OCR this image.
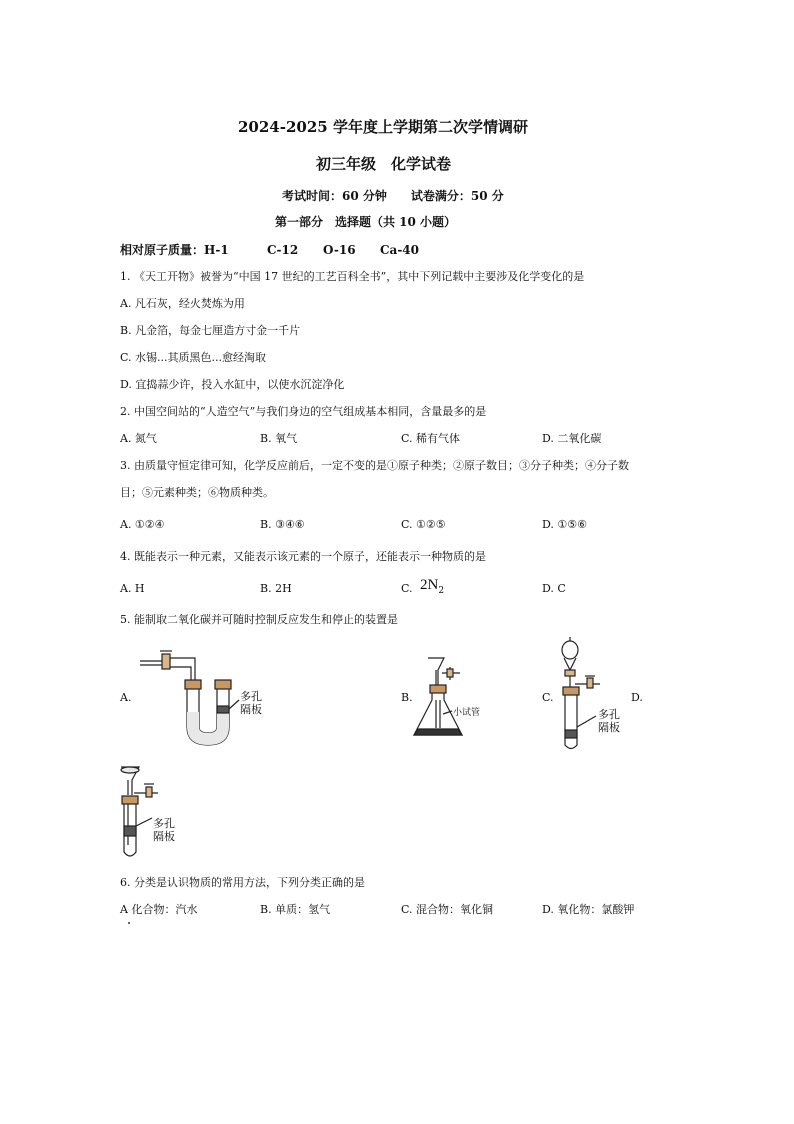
2024-2025 学年度上学期第二次学情调研
初三年级　化学试卷
考试时间：60 分钟　　试卷满分：50 分
第一部分　选择题（共 10 小题）
相对原子质量：H-1	C-12 O-16 Ca-40
1. 《天工开物》被誉为“中国 17 世纪的工艺百科全书”，其中下列记载中主要涉及化学变化的是
A. 凡石灰，经火焚炼为用
B. 凡金箔，每金七厘造方寸金一千片
C. 水锡...其质黑色...愈经淘取
D. 宜捣蒜少许，投入水缸中，以使水沉淀净化
2. 中国空间站的“人造空气”与我们身边的空气组成基本相同，含量最多的是
A. 氮气	B. 氧气	C. 稀有气体	D. 二氧化碳
3. 由质量守恒定律可知，化学反应前后，一定不变的是①原子种类；②原子数目；③分子种类；④分子数
目；⑤元素种类；⑥物质种类。
A. ①②④	B. ③④⑥	C. ①②⑤	D. ①⑤⑥
4. 既能表示一种元素，又能表示该元素的一个原子，还能表示一种物质的是
A. H	B. 2H	C. $2N_2$	D. C
5. 能制取二氧化碳并可随时控制反应发生和停止的装置是
A.	B.	C.	D.
多孔
隔板	小试管	多孔
隔板
多孔
隔板
6. 分类是认识物质的常用方法，下列分类正确的是
A 化合物：汽水	B. 单质：氢气	C. 混合物：氧化铜	D. 氧化物：氯酸钾
